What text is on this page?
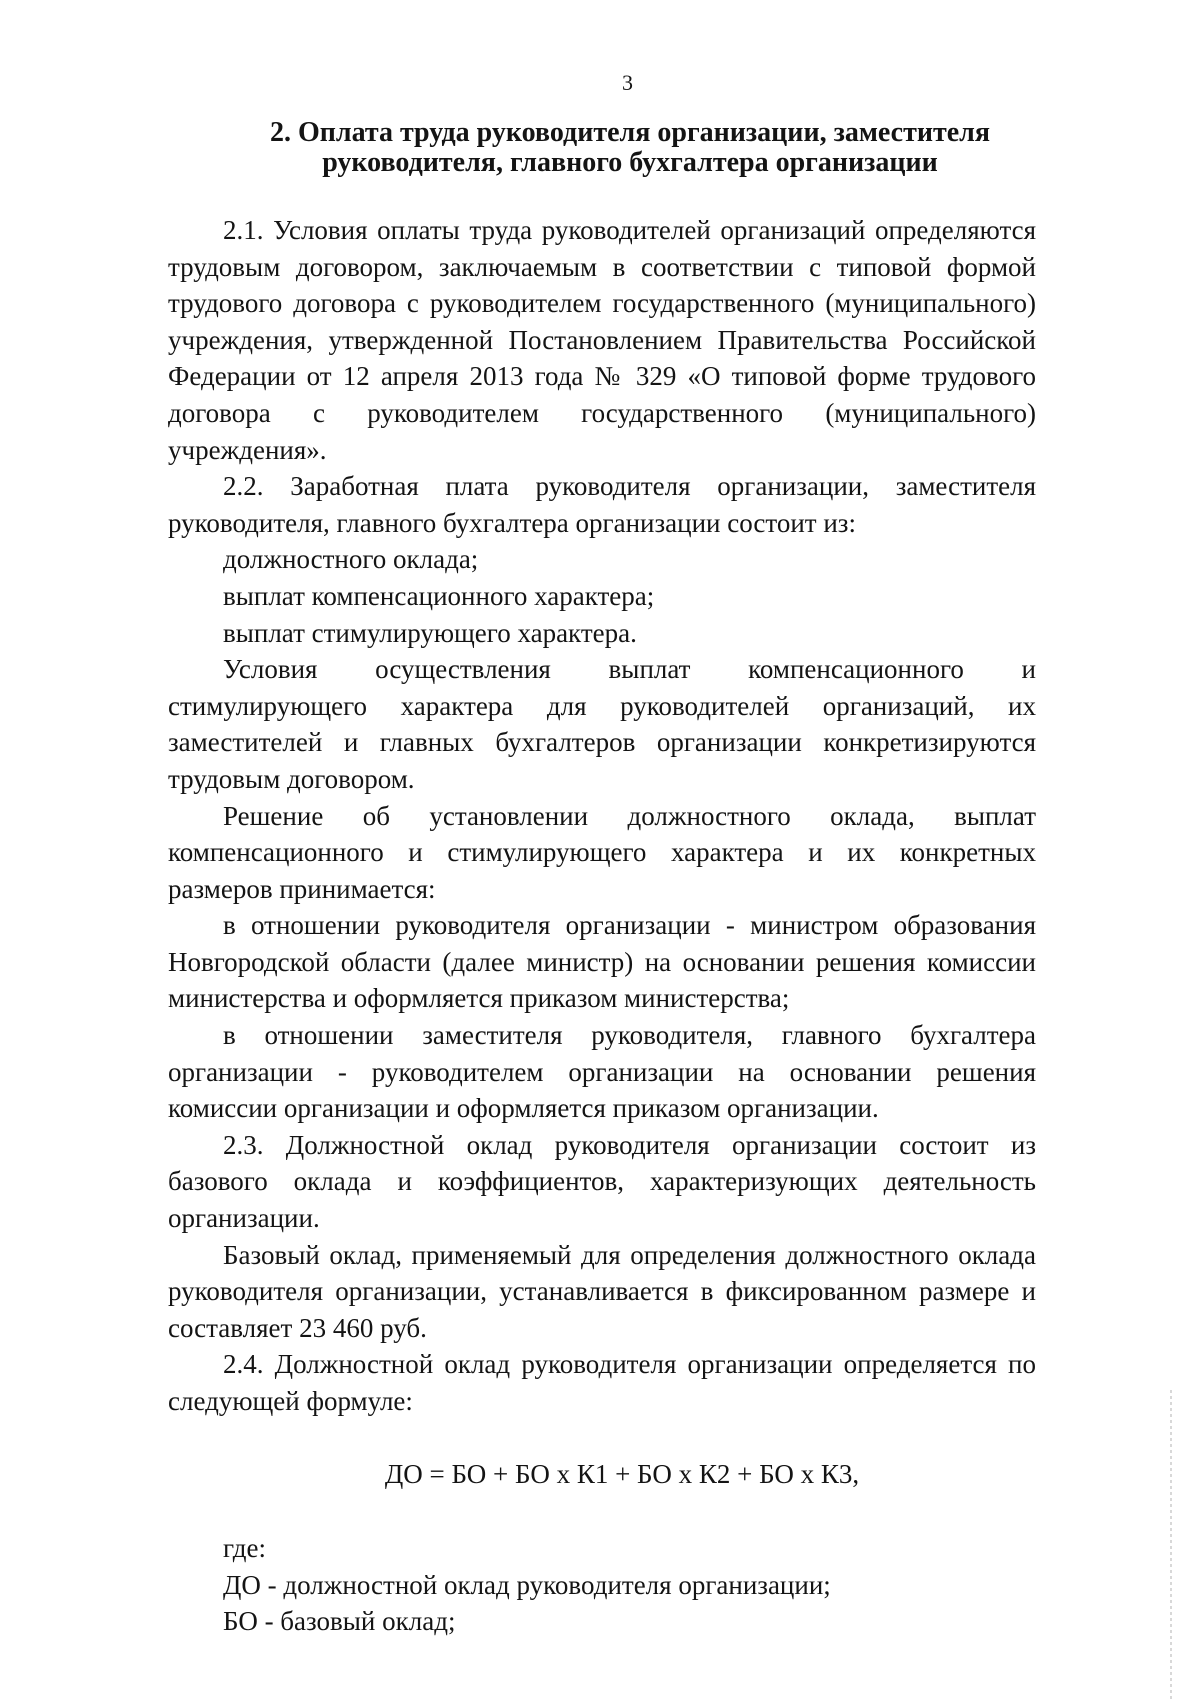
3
2. Оплата труда руководителя организации, заместителя
руководителя, главного бухгалтера организации

2.1. Условия оплаты труда руководителей организаций определяются трудовым договором, заключаемым в соответствии с типовой формой трудового договора с руководителем государственного (муниципального) учреждения, утвержденной Постановлением Правительства Российской Федерации от 12 апреля 2013 года № 329 «О типовой форме трудового договора с руководителем государственного (муниципального) учреждения».

2.2. Заработная плата руководителя организации, заместителя руководителя, главного бухгалтера организации состоит из:

должностного оклада;

выплат компенсационного характера;

выплат стимулирующего характера.

Условия осуществления выплат компенсационного и стимулирующего характера для руководителей организаций, их заместителей и главных бухгалтеров организации конкретизируются трудовым договором.

Решение об установлении должностного оклада, выплат компенсационного и стимулирующего характера и их конкретных размеров принимается:

в отношении руководителя организации - министром образования Новгородской области (далее министр) на основании решения комиссии министерства и оформляется приказом министерства;

в отношении заместителя руководителя, главного бухгалтера организации - руководителем организации на основании решения комиссии организации и оформляется приказом организации.

2.3. Должностной оклад руководителя организации состоит из базового оклада и коэффициентов, характеризующих деятельность организации.

Базовый оклад, применяемый для определения должностного оклада руководителя организации, устанавливается в фиксированном размере и составляет 23 460 руб.

2.4. Должностной оклад руководителя организации определяется по следующей формуле:

ДО = БО + БО х К1 + БО х К2 + БО х К3,

где:

ДО - должностной оклад руководителя организации;

БО - базовый оклад;
